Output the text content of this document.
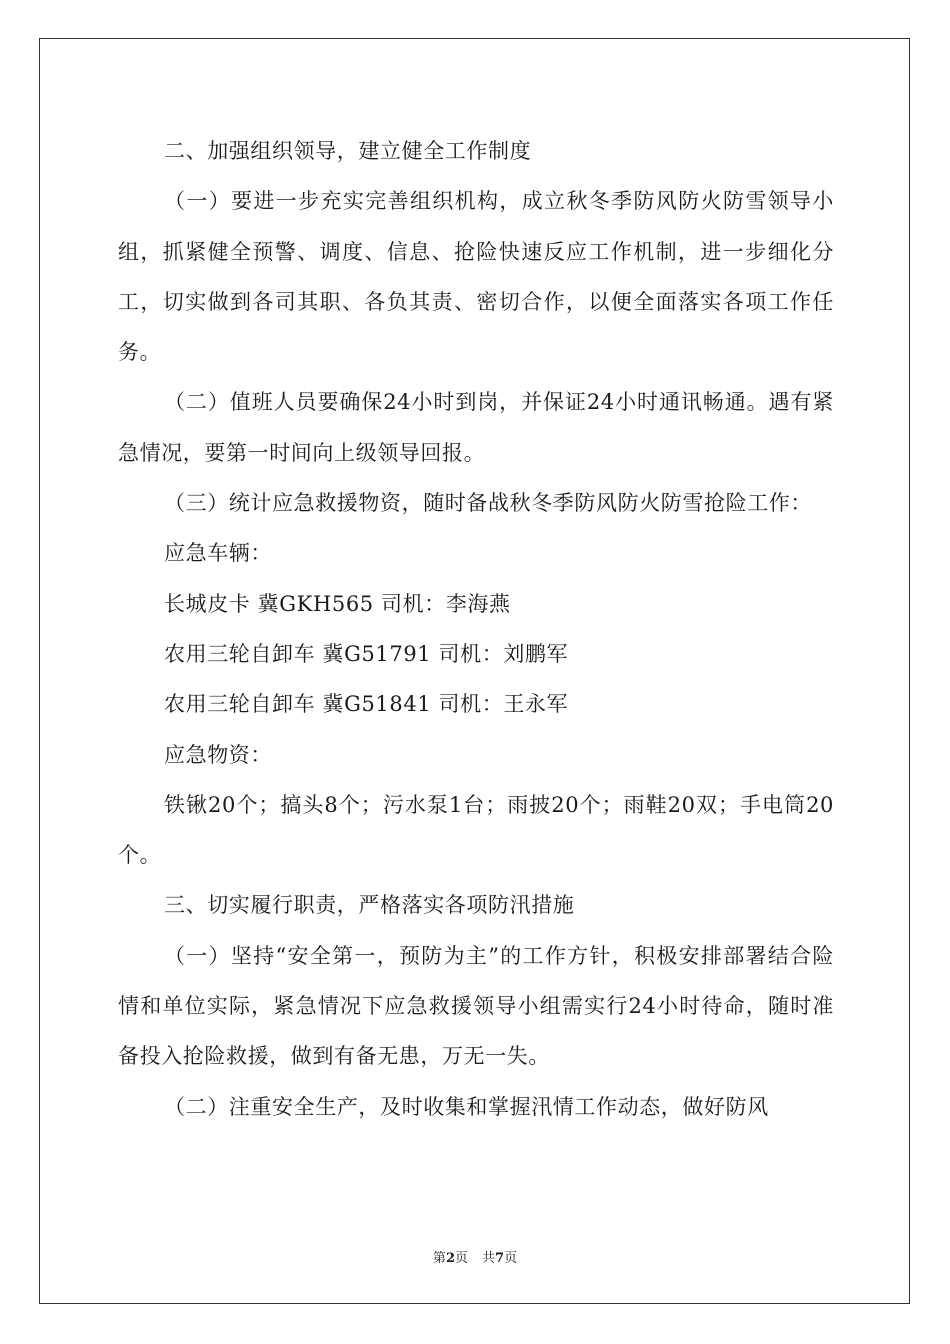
二、加强组织领导，建立健全工作制度

（一）要进一步充实完善组织机构，成立秋冬季防风防火防雪领导小组，抓紧健全预警、调度、信息、抢险快速反应工作机制，进一步细化分工，切实做到各司其职、各负其责、密切合作，以便全面落实各项工作任务。

（二）值班人员要确保24小时到岗，并保证24小时通讯畅通。遇有紧急情况，要第一时间向上级领导回报。

（三）统计应急救援物资，随时备战秋冬季防风防火防雪抢险工作：

应急车辆：

长城皮卡 冀GKH565 司机：李海燕

农用三轮自卸车 冀G51791 司机：刘鹏军

农用三轮自卸车 冀G51841 司机：王永军

应急物资：

铁锹20个；搞头8个；污水泵1台；雨披20个；雨鞋20双；手电筒20个。

三、切实履行职责，严格落实各项防汛措施

（一）坚持“安全第一，预防为主”的工作方针，积极安排部署结合险情和单位实际，紧急情况下应急救援领导小组需实行24小时待命，随时准备投入抢险救援，做到有备无患，万无一失。

（二）注重安全生产，及时收集和掌握汛情工作动态，做好防风

第2页 共7页
